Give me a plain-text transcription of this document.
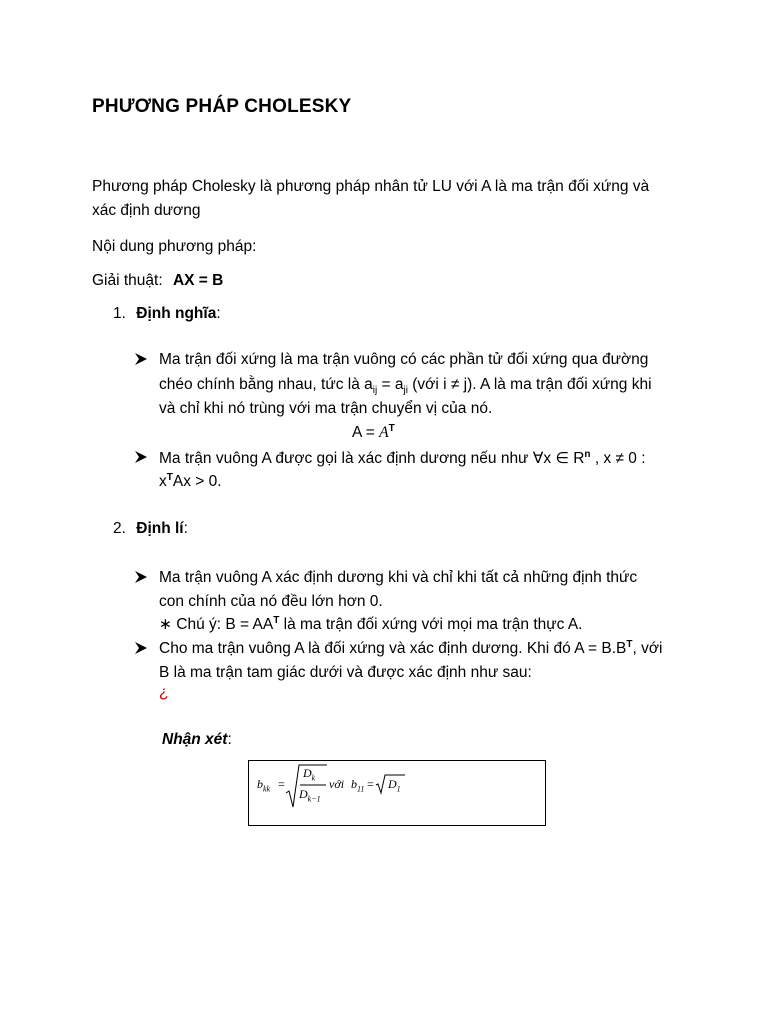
PHƯƠNG PHÁP CHOLESKY
Phương pháp Cholesky là phương pháp nhân tử LU với A là ma trận đối xứng và
xác định dương
Nội dung phương pháp:
Giải thuật: AX = B
1. Định nghĩa:
Ma trận đối xứng là ma trận vuông có các phần tử đối xứng qua đường
chéo chính bằng nhau, tức là $a_{ij} = a_{ji}$ (với i ≠ j). A là ma trận đối xứng khi
và chỉ khi nó trùng với ma trận chuyển vị của nó.
$A = A^T$
Ma trận vuông A được gọi là xác định dương nếu như ∀x ∈ $R^n$ , x ≠ 0 :
$x^TAx > 0$.
2. Định lí:
Ma trận vuông A xác định dương khi và chỉ khi tất cả những định thức
con chính của nó đều lớn hơn 0.
∗ Chú ý: $B = AA^T$ là ma trận đối xứng với mọi ma trận thực A.
Cho ma trận vuông A là đối xứng và xác định dương. Khi đó $A = B.B^T$, với
B là ma trận tam giác dưới và được xác định như sau:
¿
Nhận xét:
$b_{kk}$ =
$D_k$
$D_{k-1}$
với $b_{11} = D_1$
